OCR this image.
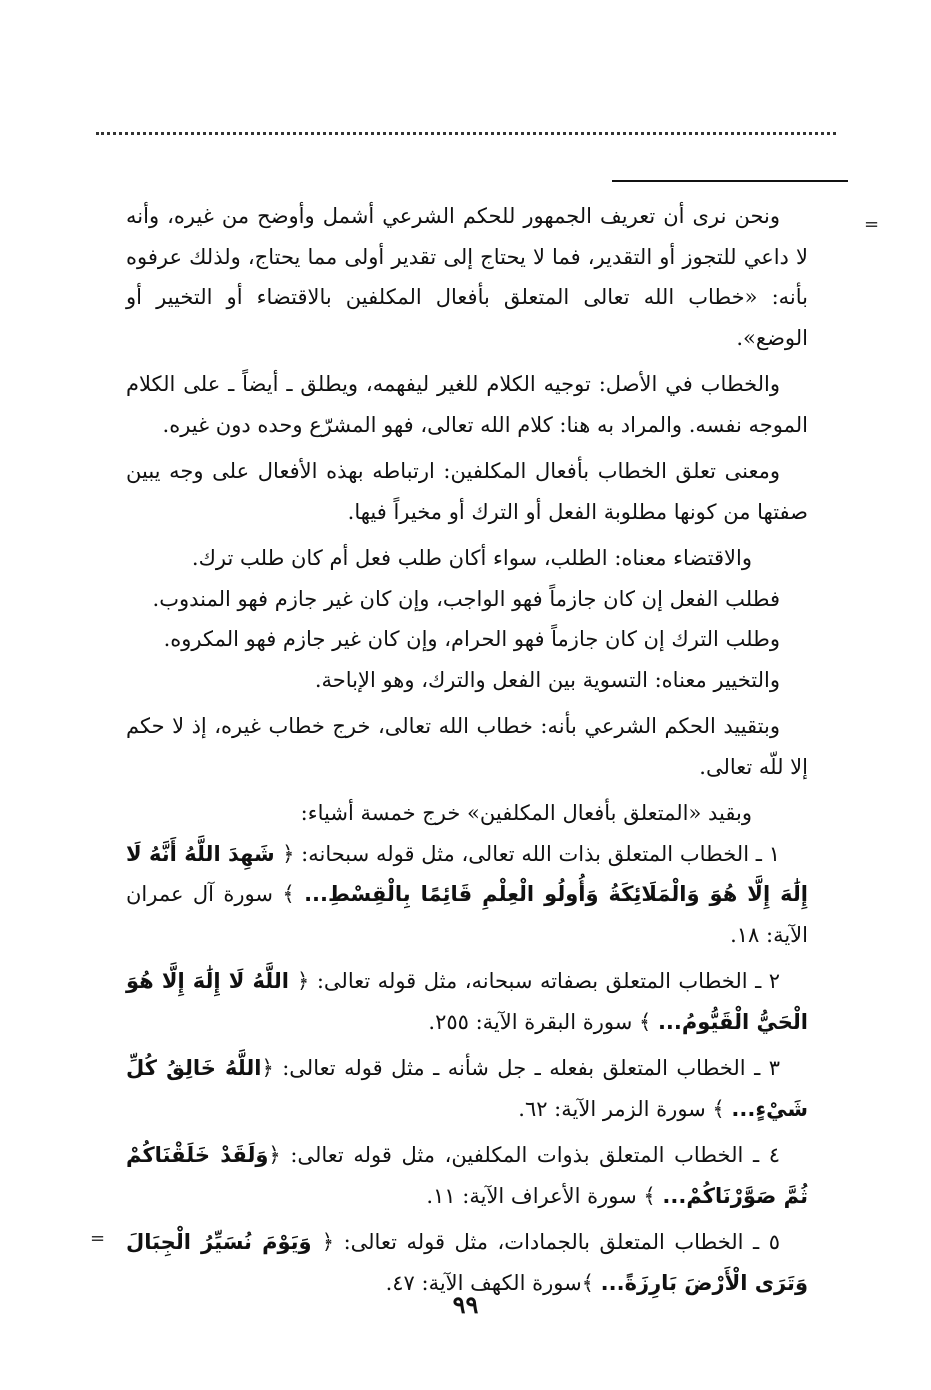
=
=

ونحن نرى أن تعريف الجمهور للحكم الشرعي أشمل وأوضح من غيره، وأنه لا داعي للتجوز أو التقدير، فما لا يحتاج إلى تقدير أولى مما يحتاج، ولذلك عرفوه بأنه: «خطاب الله تعالى المتعلق بأفعال المكلفين بالاقتضاء أو التخيير أو الوضع».

والخطاب في الأصل: توجيه الكلام للغير ليفهمه، ويطلق ـ أيضاً ـ على الكلام الموجه نفسه. والمراد به هنا: كلام الله تعالى، فهو المشرّع وحده دون غيره.

ومعنى تعلق الخطاب بأفعال المكلفين: ارتباطه بهذه الأفعال على وجه يبين صفتها من كونها مطلوبة الفعل أو الترك أو مخيراً فيها.

والاقتضاء معناه: الطلب، سواء أكان طلب فعل أم كان طلب ترك.

فطلب الفعل إن كان جازماً فهو الواجب، وإن كان غير جازم فهو المندوب.

وطلب الترك إن كان جازماً فهو الحرام، وإن كان غير جازم فهو المكروه.

والتخيير معناه: التسوية بين الفعل والترك، وهو الإباحة.

وبتقييد الحكم الشرعي بأنه: خطاب الله تعالى، خرج خطاب غيره، إذ لا حكم إلا للّه تعالى.

وبقيد «المتعلق بأفعال المكلفين» خرج خمسة أشياء:

١ ـ الخطاب المتعلق بذات الله تعالى، مثل قوله سبحانه: ﴿ شَهِدَ اللَّهُ أَنَّهُ لَا إِلَٰهَ إِلَّا هُوَ وَالْمَلَائِكَةُ وَأُولُو الْعِلْمِ قَائِمًا بِالْقِسْطِ... ﴾ سورة آل عمران الآية: ١٨.

٢ ـ الخطاب المتعلق بصفاته سبحانه، مثل قوله تعالى: ﴿ اللَّهُ لَا إِلَٰهَ إِلَّا هُوَ الْحَيُّ الْقَيُّومُ... ﴾ سورة البقرة الآية: ٢٥٥.

٣ ـ الخطاب المتعلق بفعله ـ جل شأنه ـ مثل قوله تعالى: ﴿اللَّهُ خَالِقُ كُلِّ شَيْءٍ... ﴾ سورة الزمر الآية: ٦٢.

٤ ـ الخطاب المتعلق بذوات المكلفين، مثل قوله تعالى: ﴿وَلَقَدْ خَلَقْنَاكُمْ ثُمَّ صَوَّرْنَاكُمْ... ﴾ سورة الأعراف الآية: ١١.

٥ ـ الخطاب المتعلق بالجمادات، مثل قوله تعالى: ﴿ وَيَوْمَ نُسَيِّرُ الْجِبَالَ وَتَرَى الْأَرْضَ بَارِزَةً... ﴾سورة الكهف الآية: ٤٧.

٩٩
